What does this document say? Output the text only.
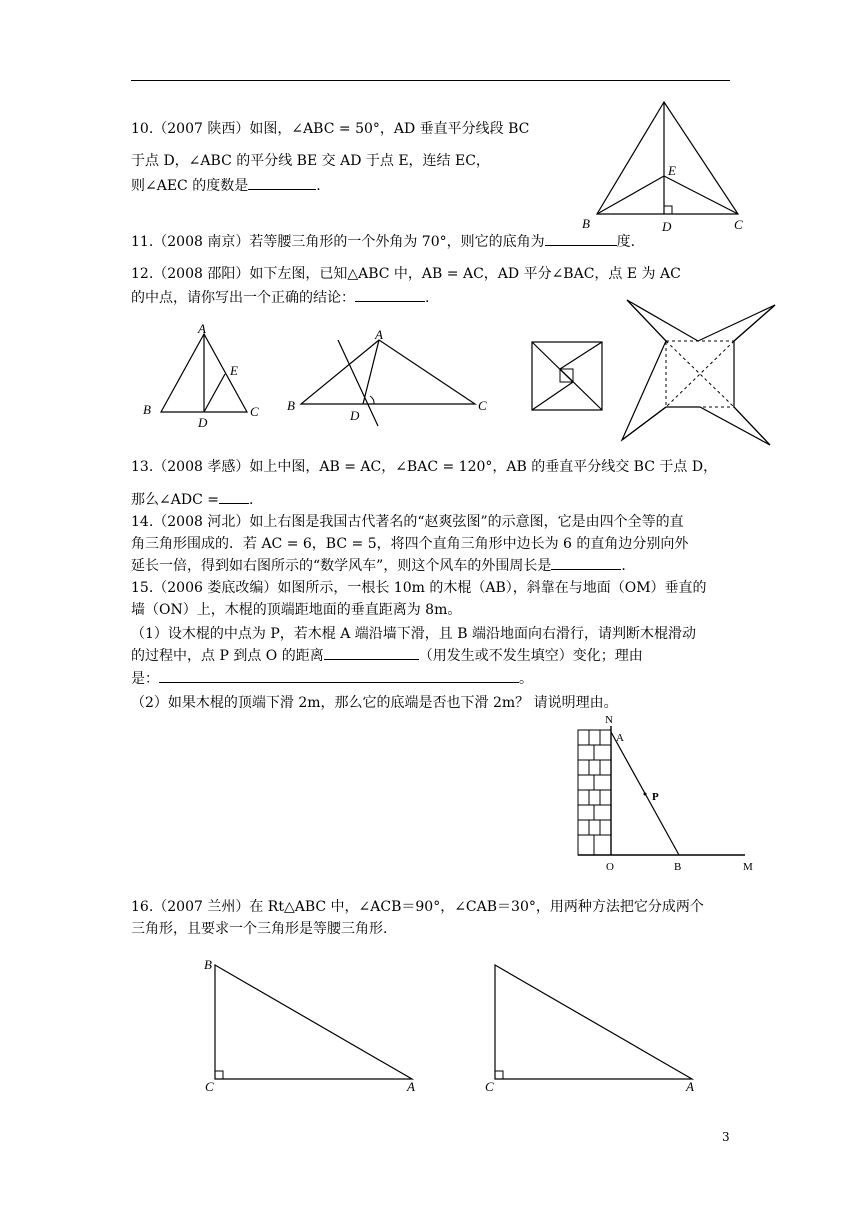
10.（2007 陕西）如图，∠ABC = 50°，AD 垂直平分线段 BC
于点 D，∠ABC 的平分线 BE 交 AD 于点 E，连结 EC，
则∠AEC 的度数是	.
E
B	D	C
11.（2008 南京）若等腰三角形的一个外角为 70°，则它的底角为	度.
12.（2008 邵阳）如下左图，已知△ABC 中，AB = AC，AD 平分∠BAC，点 E 为 AC
的中点，请你写出一个正确的结论：	.
A
E
B
D
C
A
B
D
C
13.（2008 孝感）如上中图，AB = AC，∠BAC = 120°，AB 的垂直平分线交 BC 于点 D，
那么∠ADC = .
14.（2008 河北）如上右图是我国古代著名的“赵爽弦图”的示意图，它是由四个全等的直
角三角形围成的．若 AC = 6，BC = 5，将四个直角三角形中边长为 6 的直角边分别向外
延长一倍，得到如右图所示的“数学风车”，则这个风车的外围周长是	.
15.（2006 娄底改编）如图所示，一根长 10m 的木棍（AB），斜靠在与地面（OM）垂直的
墙（ON）上，木棍的顶端距地面的垂直距离为 8m。
（1）设木棍的中点为 P，若木棍 A 端沿墙下滑，且 B 端沿地面向右滑行，请判断木棍滑动
的过程中，点 P 到点 O 的距离	（用发生或不发生填空）变化；理由
是：	。
（2）如果木棍的顶端下滑 2m，那么它的底端是否也下滑 2m？ 请说明理由。
N
A
P
O	B	M
16.（2007 兰州）在 Rt△ABC 中，∠ACB＝90°，∠CAB＝30°，用两种方法把它分成两个
三角形，且要求一个三角形是等腰三角形.
B
C	A	C	A
3
